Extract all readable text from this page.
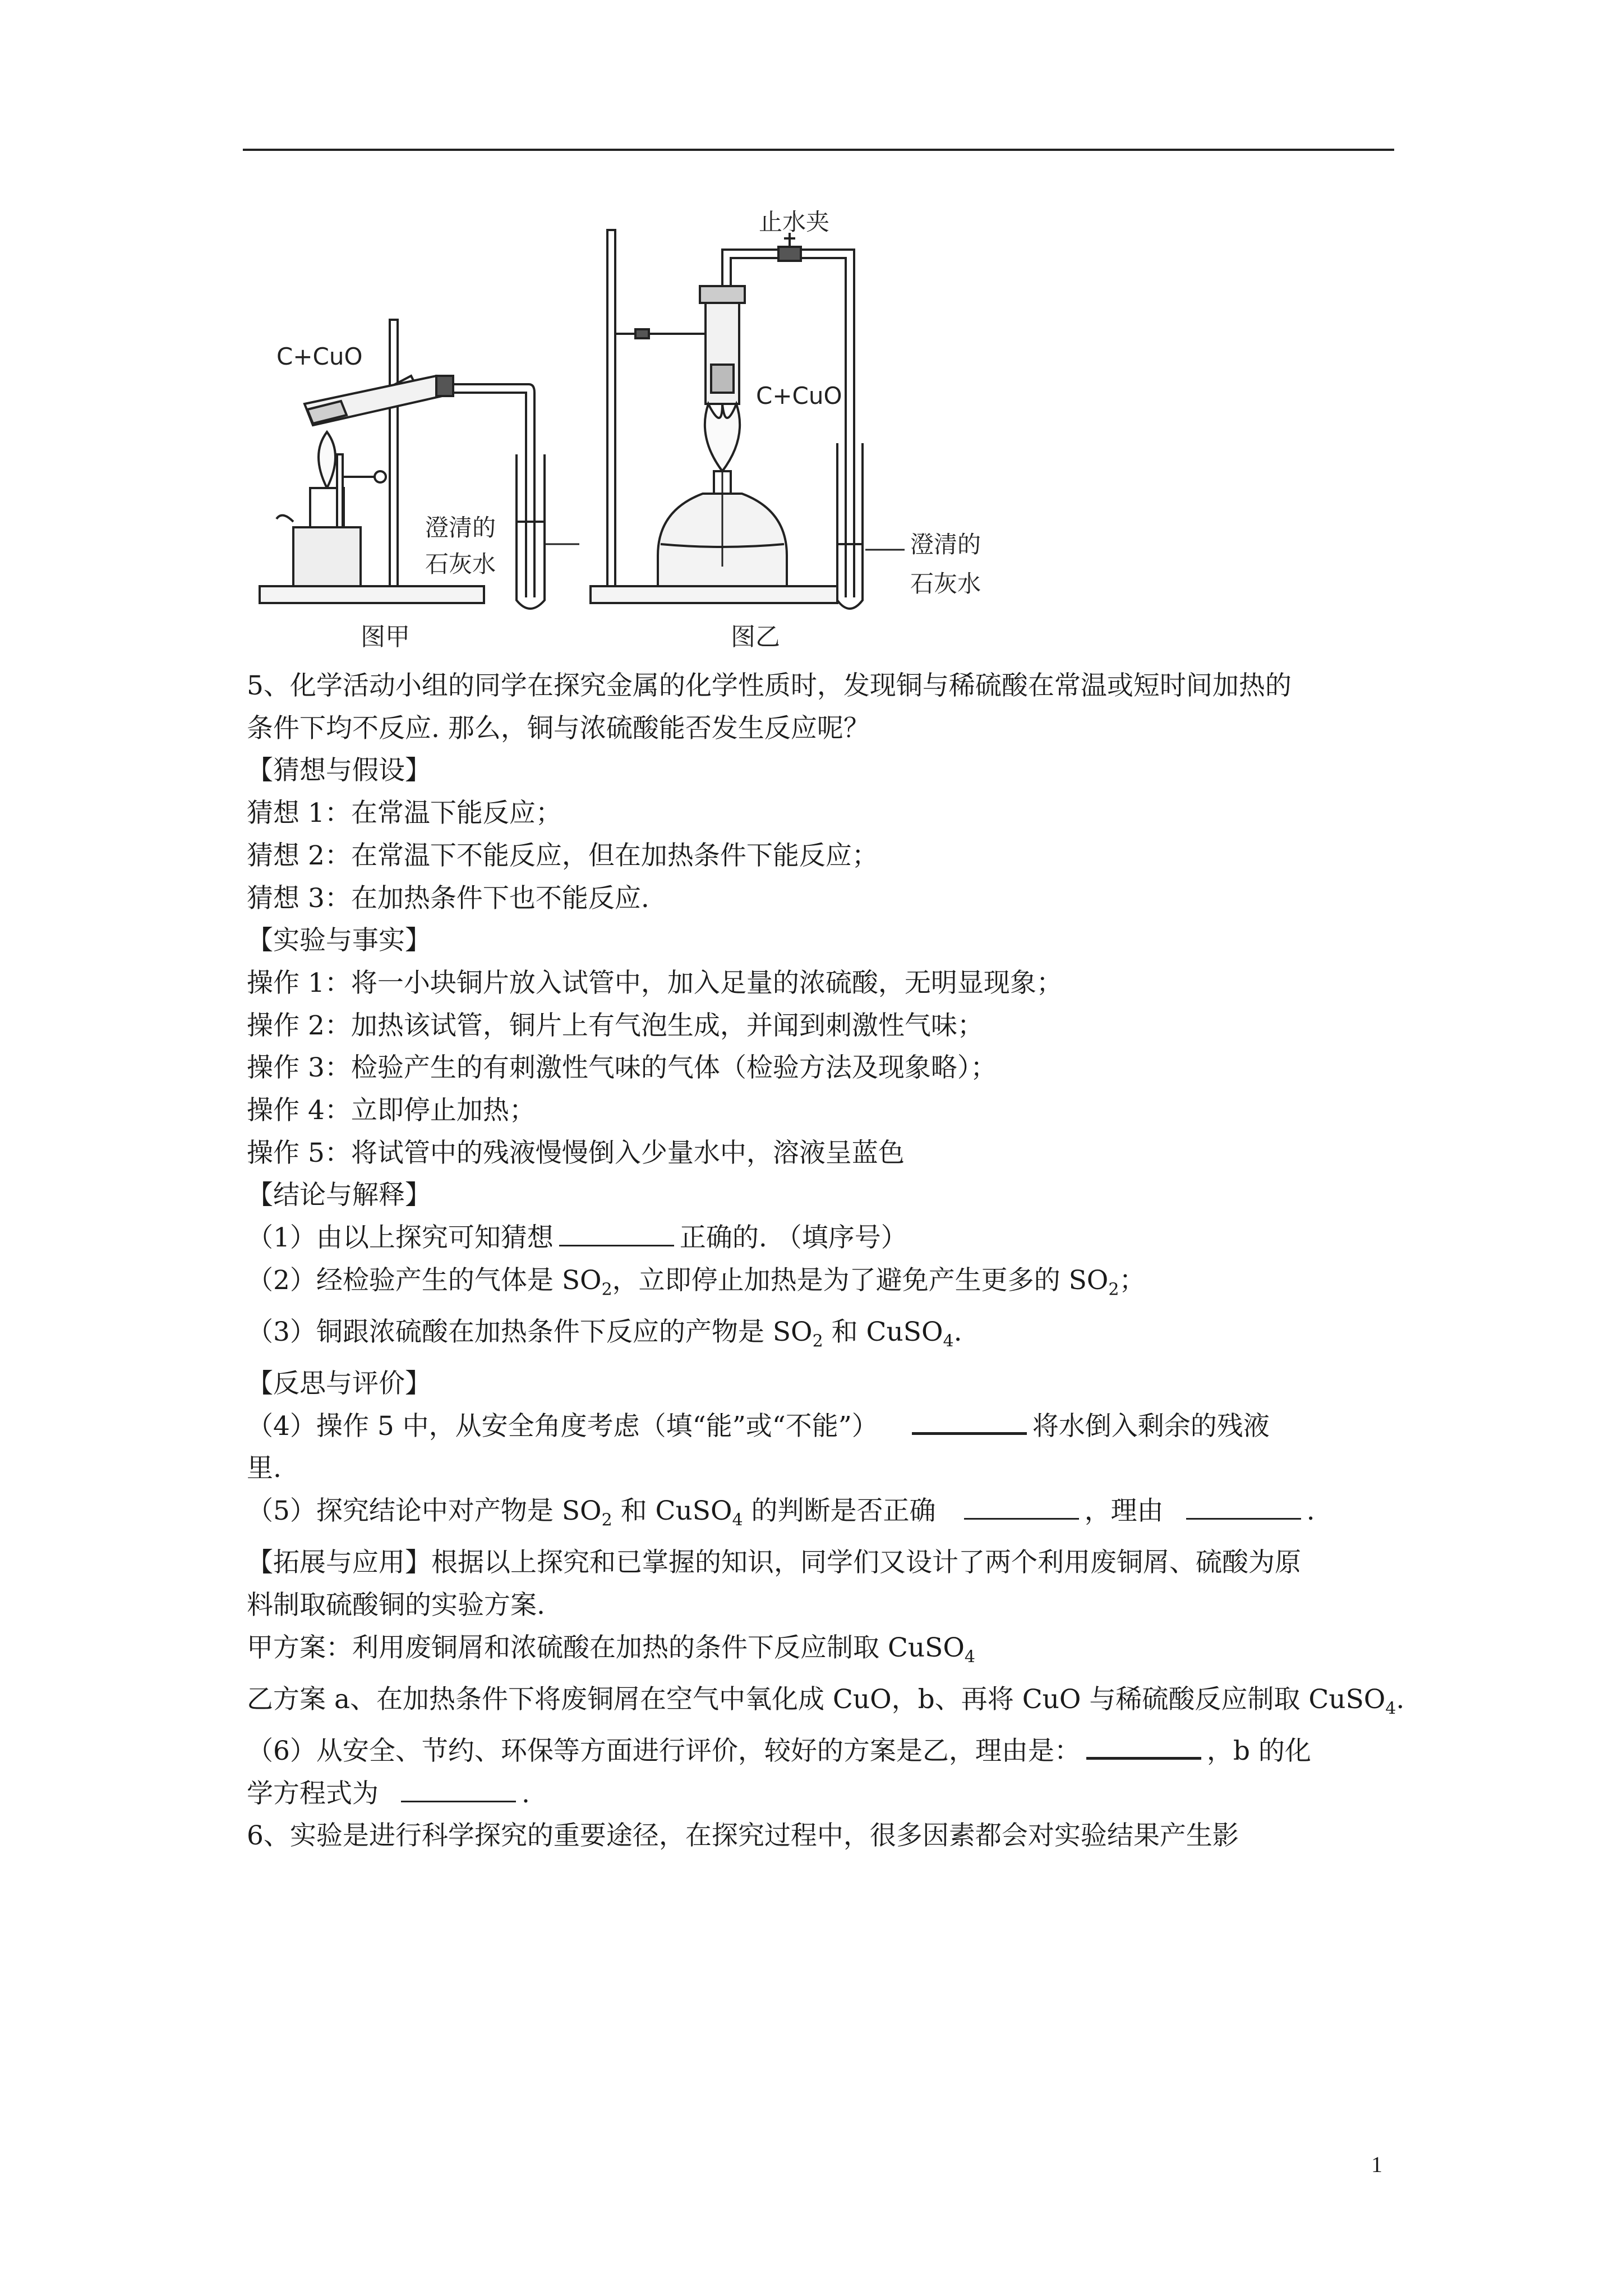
C+CuO
澄清的
石灰水
图甲
止水夹
C+CuO
澄清的
石灰水
图乙
5、化学活动小组的同学在探究金属的化学性质时，发现铜与稀硫酸在常温或短时间加热的
条件下均不反应. 那么，铜与浓硫酸能否发生反应呢？
【猜想与假设】
猜想 1：在常温下能反应；
猜想 2：在常温下不能反应，但在加热条件下能反应；
猜想 3：在加热条件下也不能反应.
【实验与事实】
操作 1：将一小块铜片放入试管中，加入足量的浓硫酸，无明显现象；
操作 2：加热该试管，铜片上有气泡生成，并闻到刺激性气味；
操作 3：检验产生的有刺激性气味的气体（检验方法及现象略）；
操作 4：立即停止加热；
操作 5：将试管中的残液慢慢倒入少量水中，溶液呈蓝色
【结论与解释】
（1）由以上探究可知猜想	正确的. （填序号）
（2）经检验产生的气体是 $SO_2$，立即停止加热是为了避免产生更多的 $SO_2$；
（3）铜跟浓硫酸在加热条件下反应的产物是 $SO_2$ 和 CuSO$_4$.
【反思与评价】
（4）操作 5 中，从安全角度考虑（填“能”或“不能”）	将水倒入剩余的残液
里.
（5）探究结论中对产物是 $SO_2$ 和 CuSO$_4$ 的判断是否正确	，理由	.
【拓展与应用】根据以上探究和已掌握的知识，同学们又设计了两个利用废铜屑、硫酸为原
料制取硫酸铜的实验方案.
甲方案：利用废铜屑和浓硫酸在加热的条件下反应制取 CuSO$_4$
乙方案 a、在加热条件下将废铜屑在空气中氧化成 CuO，b、再将 CuO 与稀硫酸反应制取 CuSO$_4$.
（6）从安全、节约、环保等方面进行评价，较好的方案是乙，理由是：	，b 的化
学方程式为	.
6、实验是进行科学探究的重要途径，在探究过程中，很多因素都会对实验结果产生影
1
